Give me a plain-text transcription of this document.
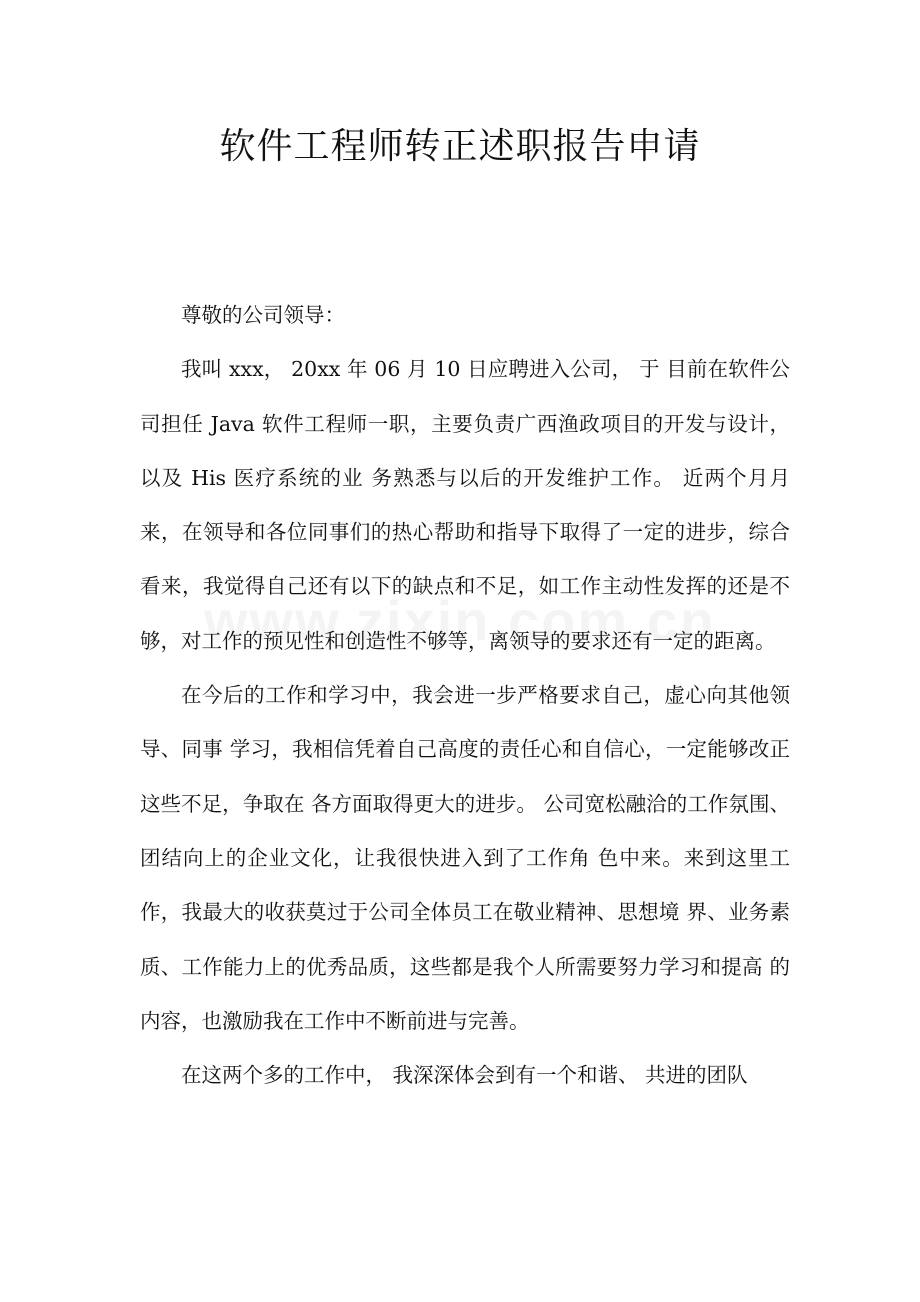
软件工程师转正述职报告申请

尊敬的公司领导：

我叫 xxx， 20xx 年 06 月 10 日应聘进入公司， 于 目前在软件公司担任 Java 软件工程师一职，主要负责广西渔政项目的开发与设计，以及 His 医疗系统的业 务熟悉与以后的开发维护工作。 近两个月月来，在领导和各位同事们的热心帮助和指导下取得了一定的进步，综合看来，我觉得自己还有以下的缺点和不足，如工作主动性发挥的还是不 够，对工作的预见性和创造性不够等，离领导的要求还有一定的距离。

在今后的工作和学习中，我会进一步严格要求自己，虚心向其他领导、同事 学习，我相信凭着自己高度的责任心和自信心，一定能够改正这些不足，争取在 各方面取得更大的进步。 公司宽松融洽的工作氛围、团结向上的企业文化，让我很快进入到了工作角 色中来。来到这里工作，我最大的收获莫过于公司全体员工在敬业精神、思想境 界、业务素质、工作能力上的优秀品质，这些都是我个人所需要努力学习和提高 的内容，也激励我在工作中不断前进与完善。

在这两个多的工作中， 我深深体会到有一个和谐、 共进的团队
